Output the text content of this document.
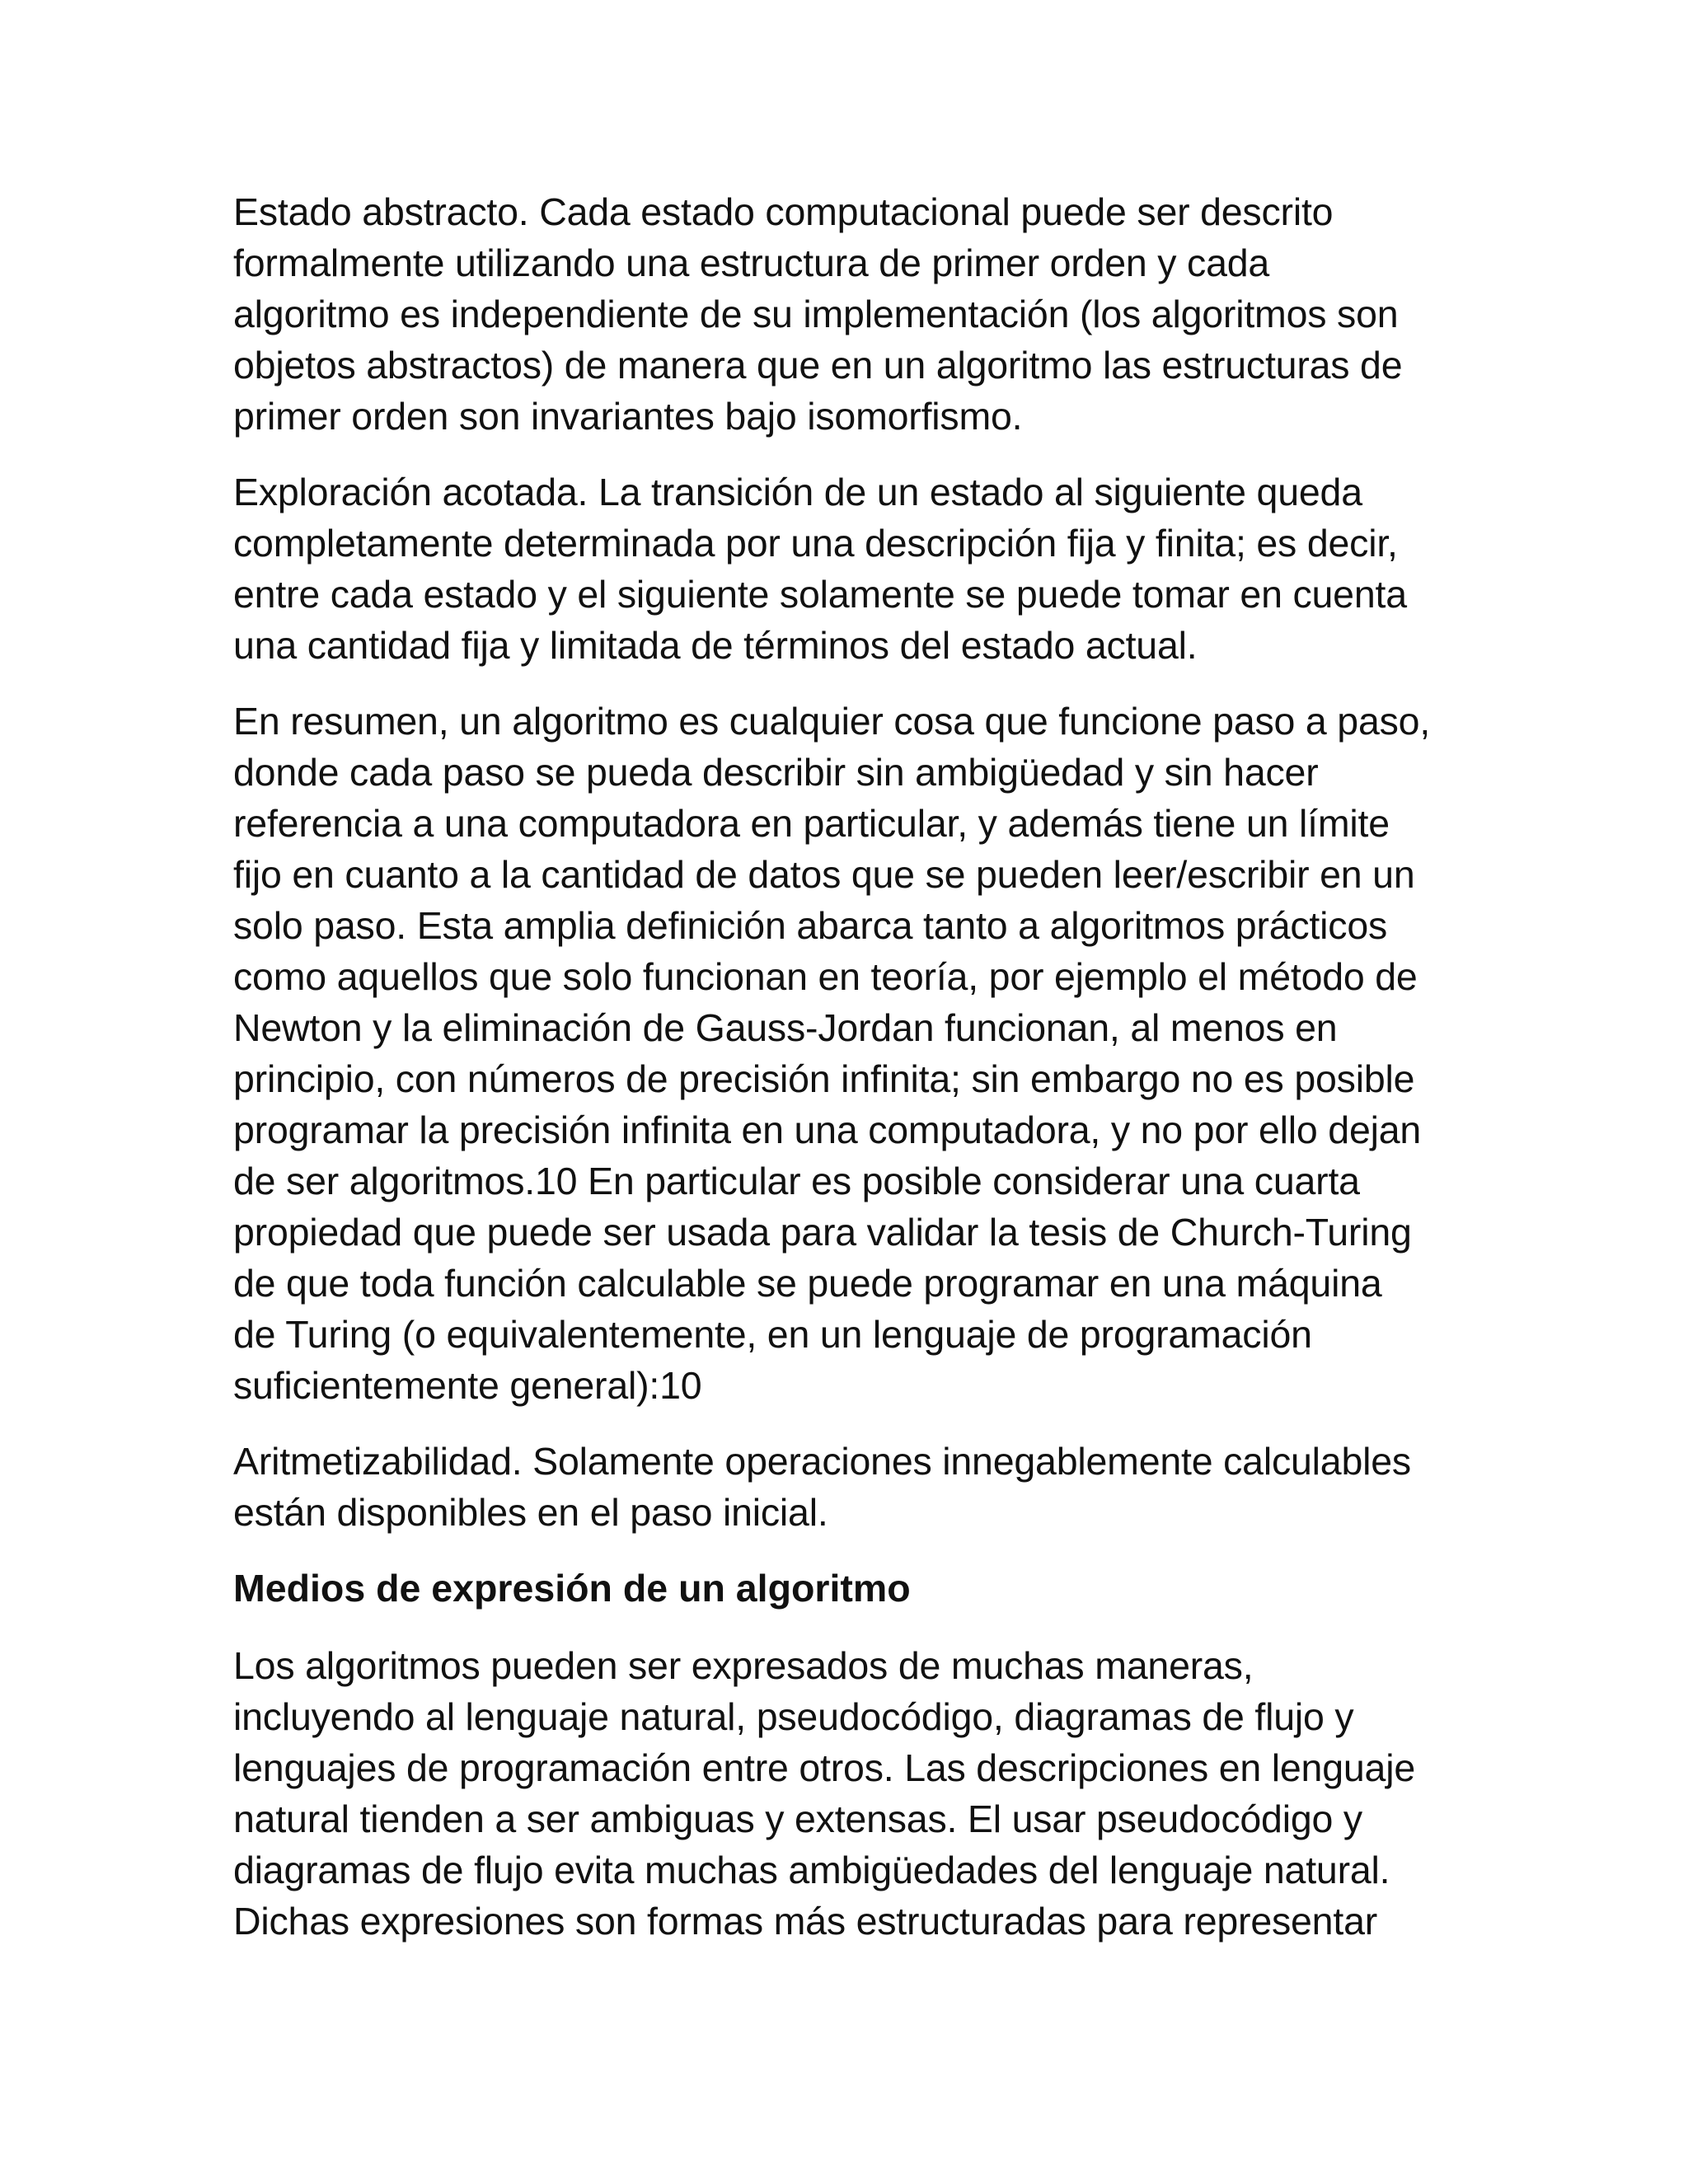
Estado abstracto. Cada estado computacional puede ser descrito
formalmente utilizando una estructura de primer orden y cada
algoritmo es independiente de su implementación (los algoritmos son
objetos abstractos) de manera que en un algoritmo las estructuras de
primer orden son invariantes bajo isomorfismo.
Exploración acotada. La transición de un estado al siguiente queda
completamente determinada por una descripción fija y finita; es decir,
entre cada estado y el siguiente solamente se puede tomar en cuenta
una cantidad fija y limitada de términos del estado actual.
En resumen, un algoritmo es cualquier cosa que funcione paso a paso,
donde cada paso se pueda describir sin ambigüedad y sin hacer
referencia a una computadora en particular, y además tiene un límite
fijo en cuanto a la cantidad de datos que se pueden leer/escribir en un
solo paso. Esta amplia definición abarca tanto a algoritmos prácticos
como aquellos que solo funcionan en teoría, por ejemplo el método de
Newton y la eliminación de Gauss-Jordan funcionan, al menos en
principio, con números de precisión infinita; sin embargo no es posible
programar la precisión infinita en una computadora, y no por ello dejan
de ser algoritmos.10 En particular es posible considerar una cuarta
propiedad que puede ser usada para validar la tesis de Church-Turing
de que toda función calculable se puede programar en una máquina
de Turing (o equivalentemente, en un lenguaje de programación
suficientemente general):10
Aritmetizabilidad. Solamente operaciones innegablemente calculables
están disponibles en el paso inicial.
Medios de expresión de un algoritmo
Los algoritmos pueden ser expresados de muchas maneras,
incluyendo al lenguaje natural, pseudocódigo, diagramas de flujo y
lenguajes de programación entre otros. Las descripciones en lenguaje
natural tienden a ser ambiguas y extensas. El usar pseudocódigo y
diagramas de flujo evita muchas ambigüedades del lenguaje natural.
Dichas expresiones son formas más estructuradas para representar
